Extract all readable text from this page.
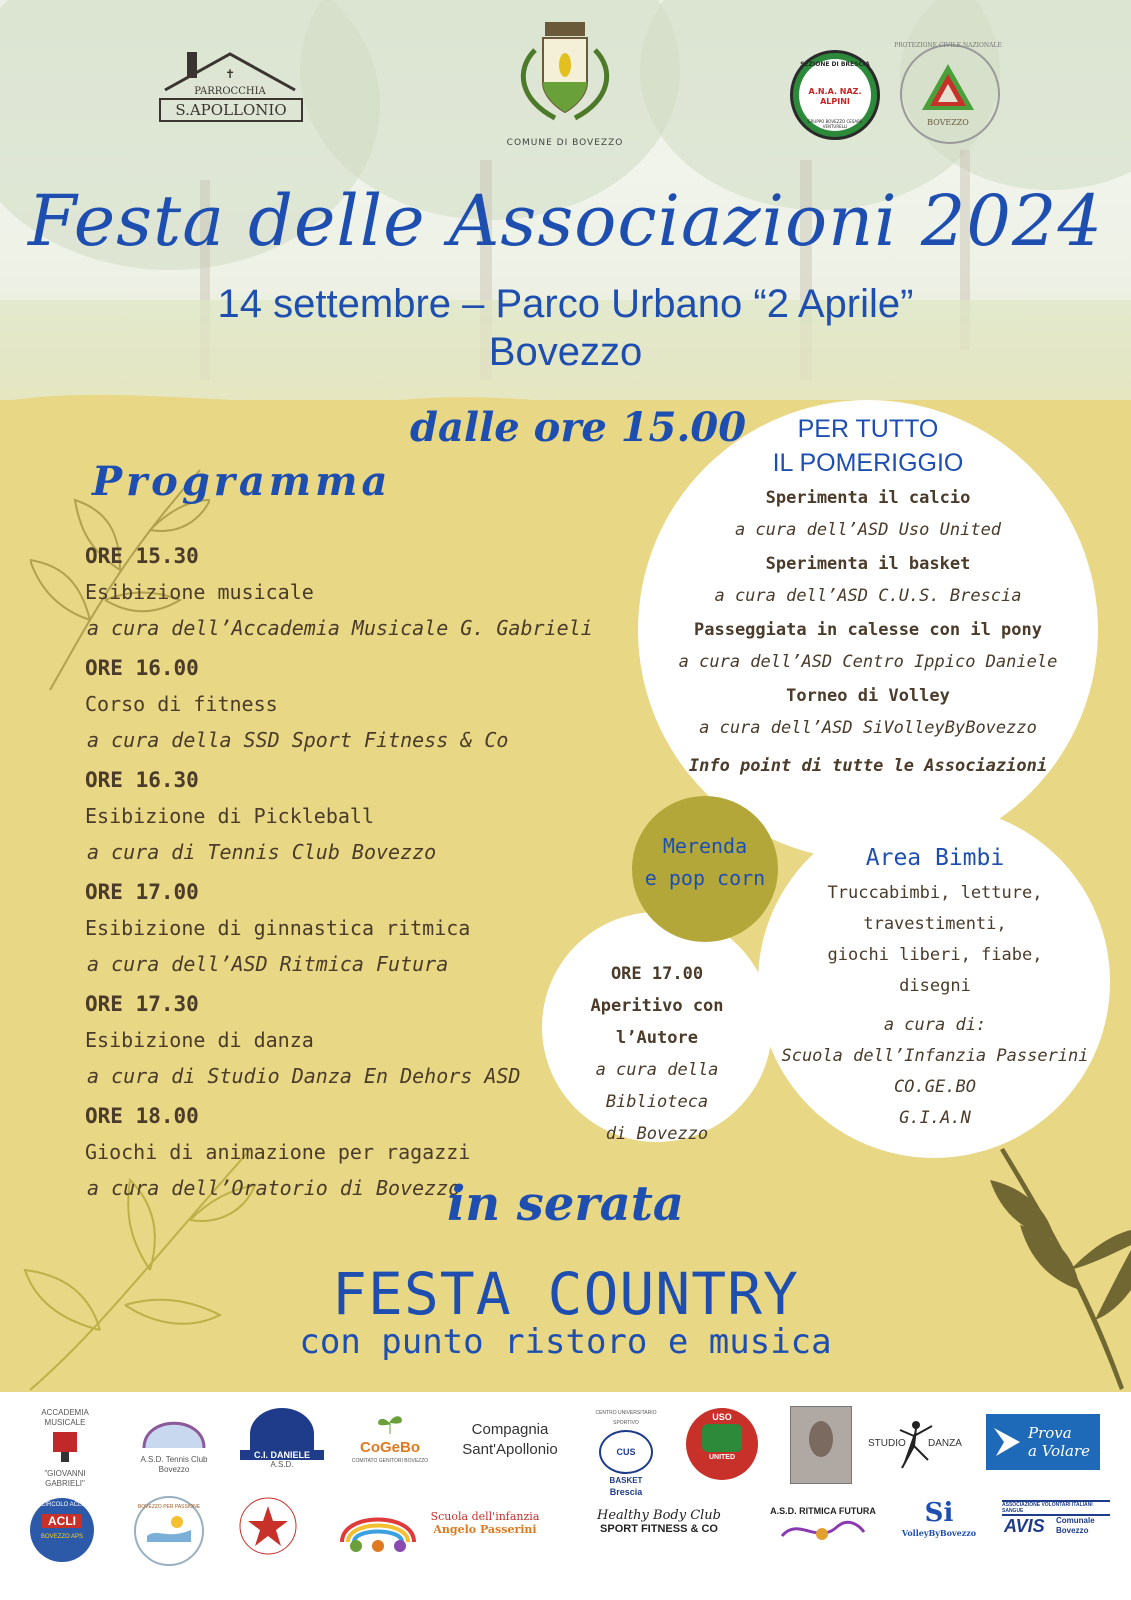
✝
PARROCCHIA
S.APOLLONIO
COMUNE DI BOVEZZO
SEZIONE DI BRESCIA
A.N.A. NAZ. ALPINI
GRUPPO BOVEZZO CESARE VENTURELLI
PROTEZIONE CIVILE NAZIONALE
BOVEZZO
Festa delle Associazioni 2024
14 settembre – Parco Urbano “2 Aprile”
Bovezzo
dalle ore 15.00
Programma
ORE 15.30
Esibizione musicale
a cura dell’Accademia Musicale G. Gabrieli
ORE 16.00
Corso di fitness
a cura della SSD Sport Fitness & Co
ORE 16.30
Esibizione di Pickleball
a cura di Tennis Club Bovezzo
ORE 17.00
Esibizione di ginnastica ritmica
a cura dell’ASD Ritmica Futura
ORE 17.30
Esibizione di danza
a cura di Studio Danza En Dehors ASD
ORE 18.00
Giochi di animazione per ragazzi
a cura dell’Oratorio di Bovezzo
PER TUTTO
IL POMERIGGIO
Sperimenta il calcio
a cura dell’ASD Uso United
Sperimenta il basket
a cura dell’ASD C.U.S. Brescia
Passeggiata in calesse con il pony
a cura dell’ASD Centro Ippico Daniele
Torneo di Volley
a cura dell’ASD SiVolleyByBovezzo
Info point di tutte le Associazioni
Merenda
e pop corn
ORE 17.00
Aperitivo con l’Autore
a cura della Biblioteca
di Bovezzo
Area Bimbi
Truccabimbi, letture,
travestimenti,
giochi liberi, fiabe,
disegni
a cura di:
Scuola dell’Infanzia Passerini
CO.GE.BO
G.I.A.N
in serata
FESTA COUNTRY
con punto ristoro e musica
ACCADEMIA MUSICALE
"GIOVANNI GABRIELI"
A.S.D. Tennis Club
Bovezzo
C.I. DANIELE
A.S.D.
CoGeBo
COMITATO GENITORI BOVEZZO
Compagnia
Sant'Apollonio
CENTRO UNIVERSITARIO SPORTIVO
CUS Brescia
BASKET
USO
UNITED
STUDIO DANZA
Prova
a Volare
CIRCOLO ACLI
ACLI
BOVEZZO APS
BOVEZZO PER PASSIONE
Scuola dell'infanzia
Angelo Passerini
Healthy Body Club
SPORT FITNESS & CO
A.S.D. RITMICA FUTURA	Si
VolleyByBovezzo
ASSOCIAZIONE VOLONTARI ITALIANI SANGUE
AVIS Comunale
Bovezzo
